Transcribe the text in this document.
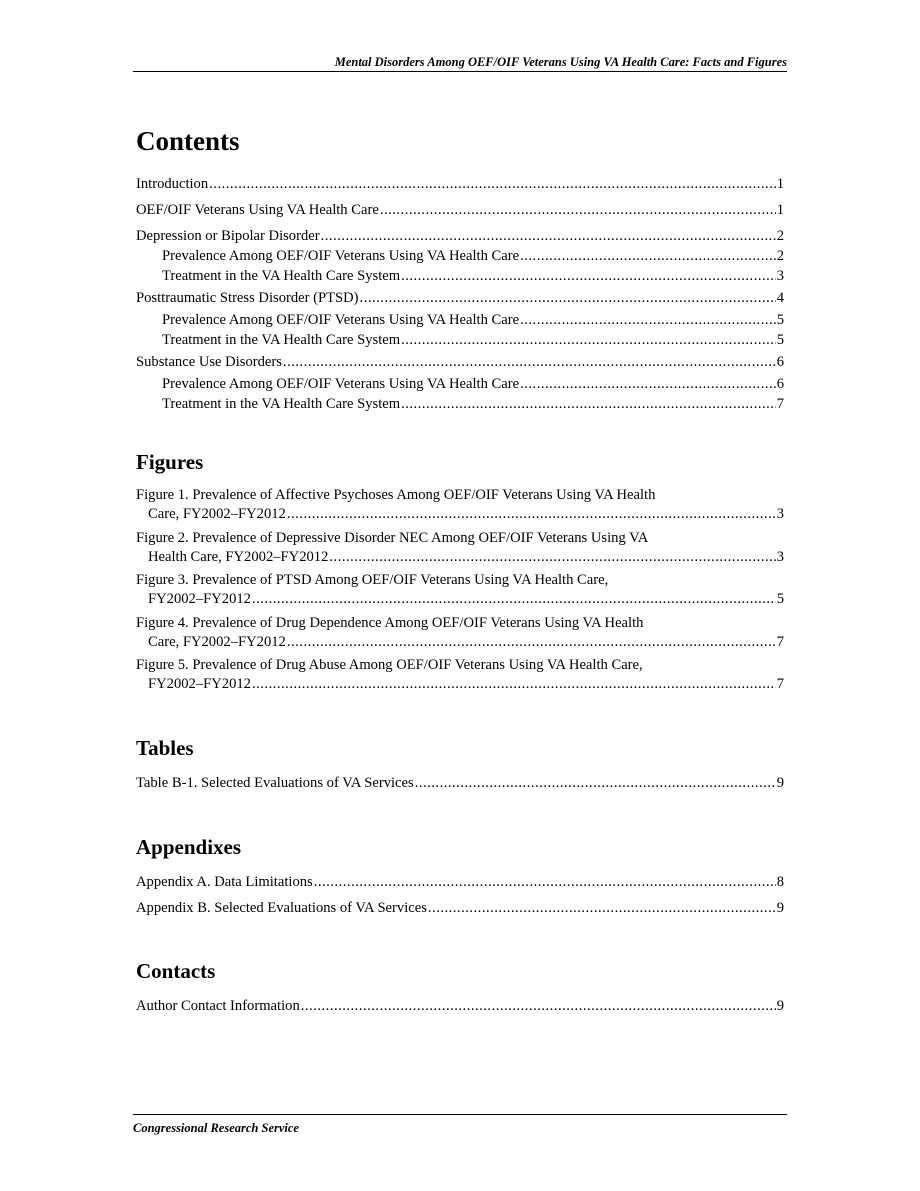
Mental Disorders Among OEF/OIF Veterans Using VA Health Care: Facts and Figures
Contents
Introduction .....	1
OEF/OIF Veterans Using VA Health Care .....	1
Depression or Bipolar Disorder .....	2
Prevalence Among OEF/OIF Veterans Using VA Health Care .....	2
Treatment in the VA Health Care System .....	3
Posttraumatic Stress Disorder (PTSD) .....	4
Prevalence Among OEF/OIF Veterans Using VA Health Care .....	5
Treatment in the VA Health Care System .....	5
Substance Use Disorders .....	6
Prevalence Among OEF/OIF Veterans Using VA Health Care .....	6
Treatment in the VA Health Care System .....	7
Figures
Figure 1. Prevalence of Affective Psychoses Among OEF/OIF Veterans Using VA Health
Care, FY2002–FY2012 .....	3
Figure 2. Prevalence of Depressive Disorder NEC Among OEF/OIF Veterans Using VA
Health Care, FY2002–FY2012 .....	3
Figure 3. Prevalence of PTSD Among OEF/OIF Veterans Using VA Health Care,
FY2002–FY2012 .....	5
Figure 4. Prevalence of Drug Dependence Among OEF/OIF Veterans Using VA Health
Care, FY2002–FY2012 .....	7
Figure 5. Prevalence of Drug Abuse Among OEF/OIF Veterans Using VA Health Care,
FY2002–FY2012 .....	7
Tables
Table B-1. Selected Evaluations of VA Services .....	9
Appendixes
Appendix A. Data Limitations .....	8
Appendix B. Selected Evaluations of VA Services .....	9
Contacts
Author Contact Information .....	9
Congressional Research Service
